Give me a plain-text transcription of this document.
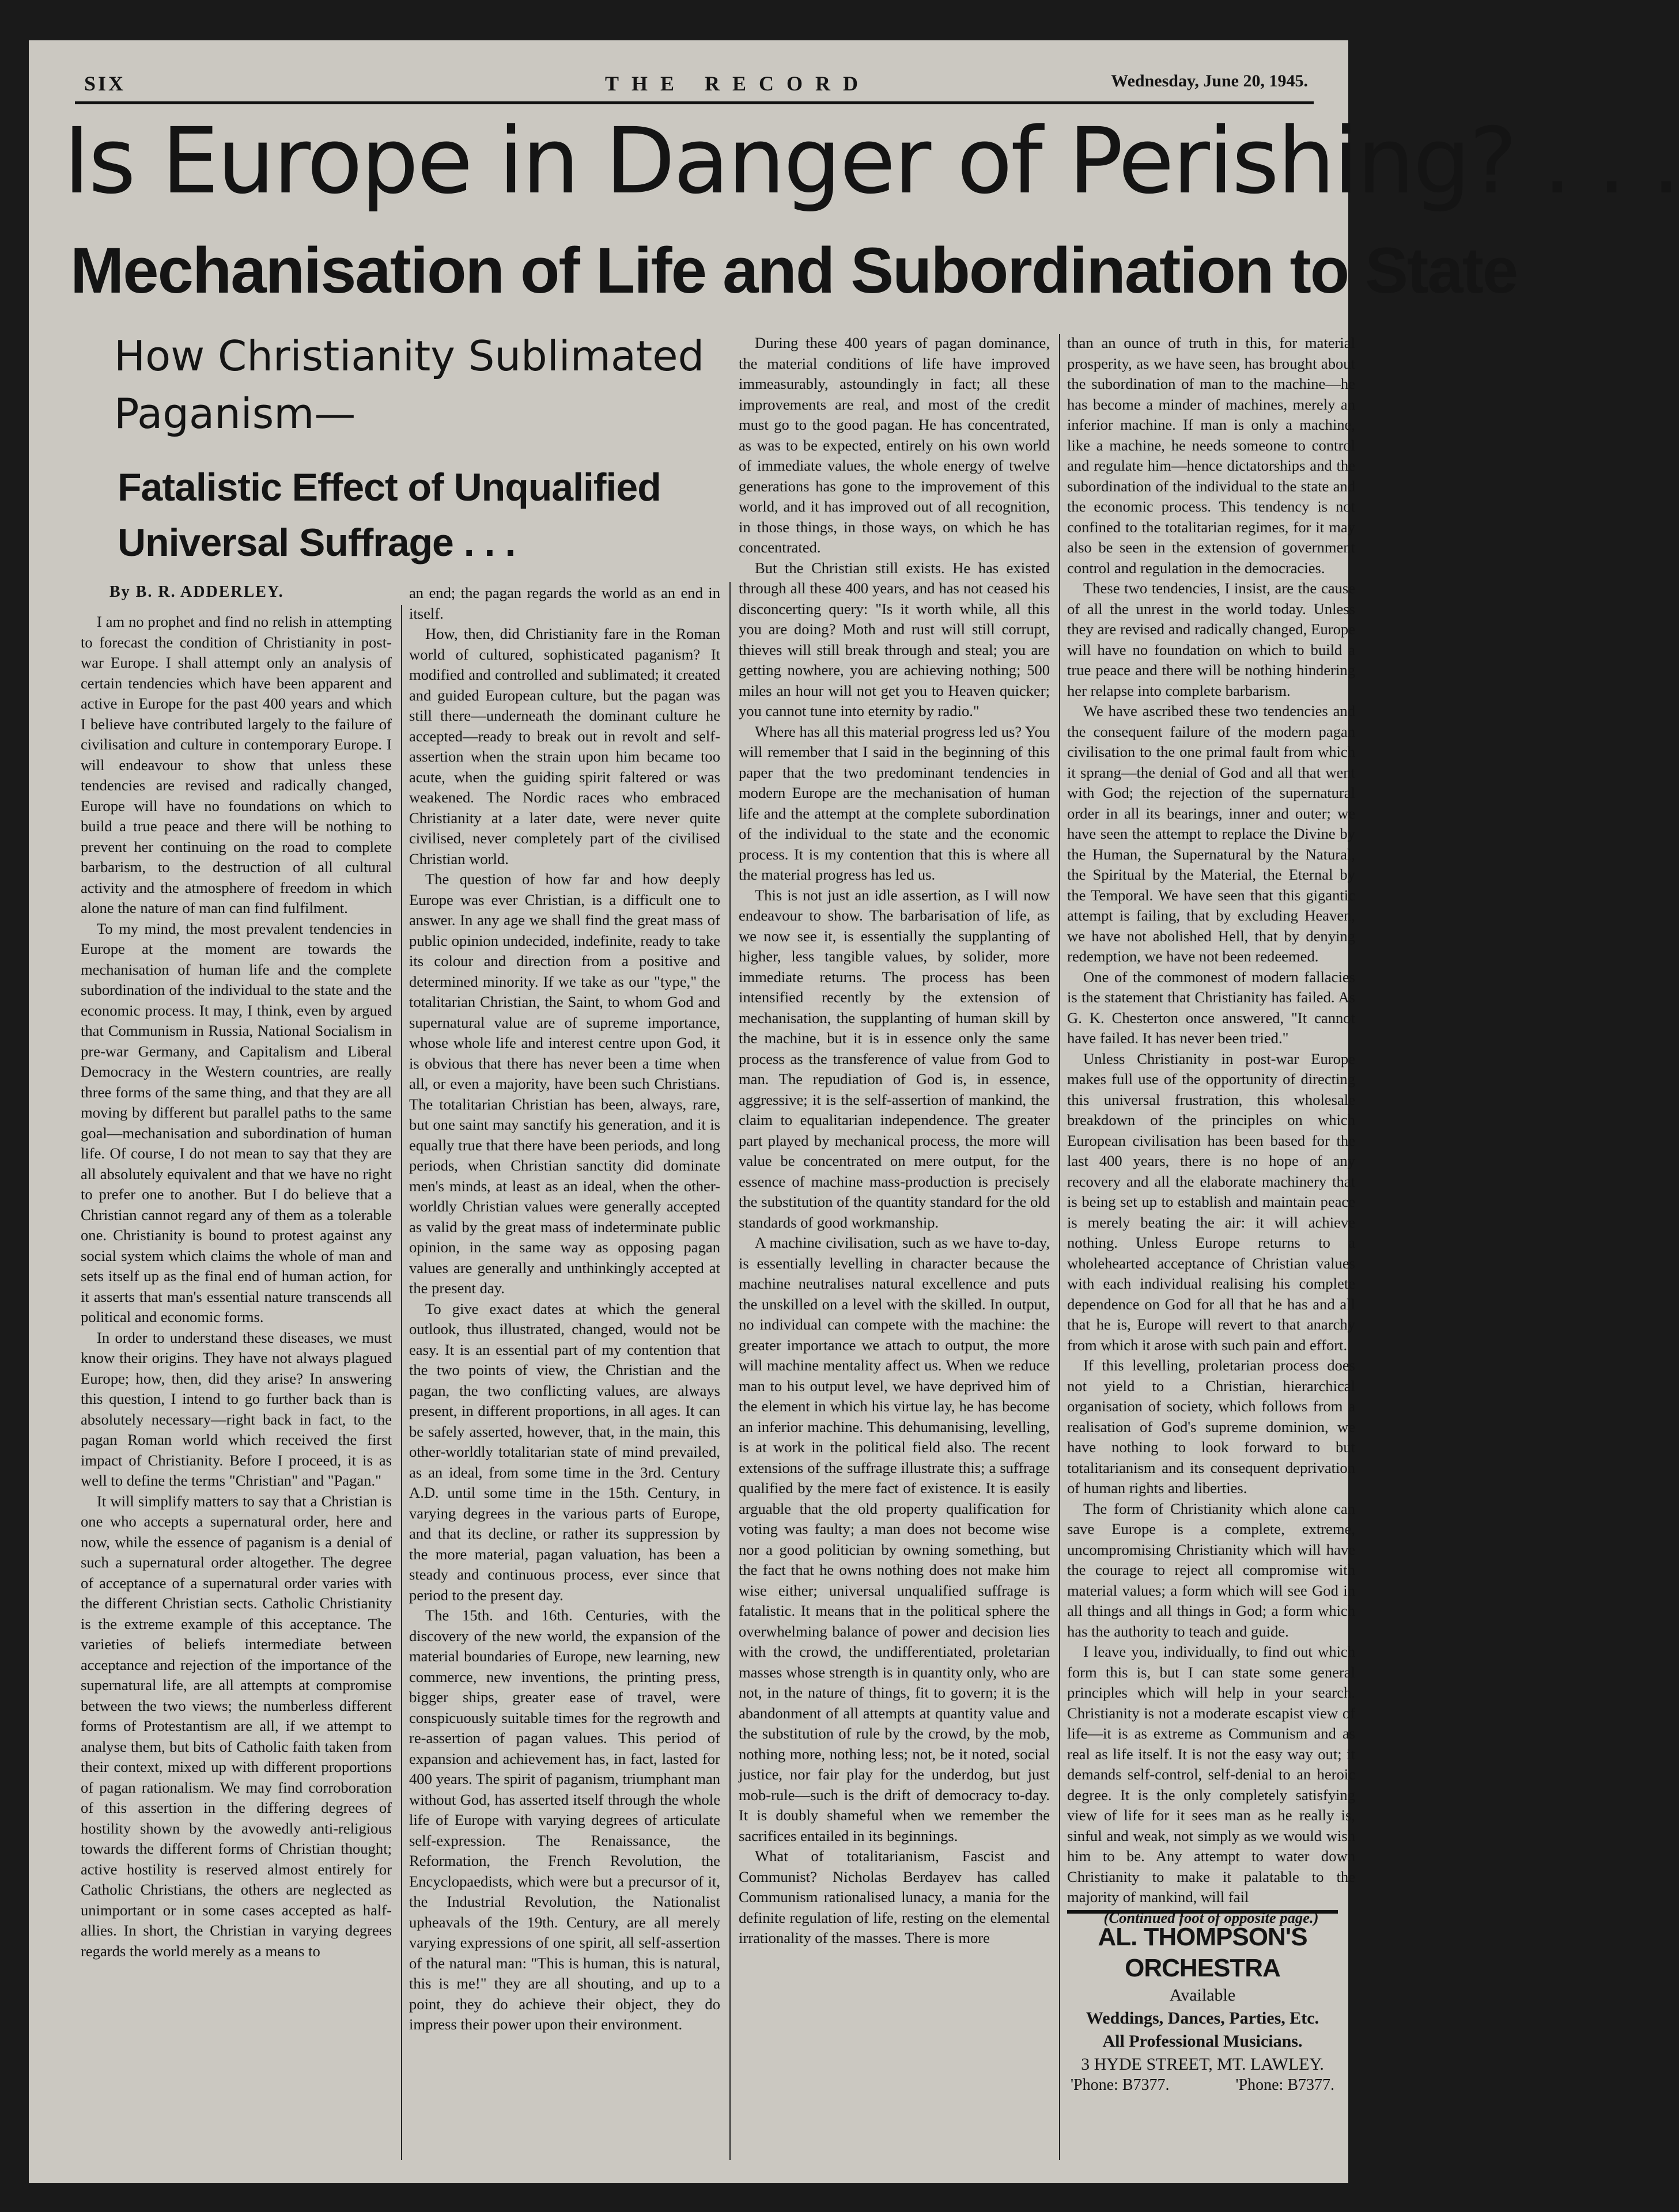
SIX	THE RECORD	Wednesday, June 20, 1945.
Is Europe in Danger of Perishing? . . .
Mechanisation of Life and Subordination to State
How Christianity Sublimated Paganism—
Fatalistic Effect of Unqualified Universal Suffrage . . .
By B. R. ADDERLEY.

I am no prophet and find no relish in attempting to forecast the condition of Christianity in post-war Europe. I shall attempt only an analysis of certain tendencies which have been apparent and active in Europe for the past 400 years and which I believe have contributed largely to the failure of civilisation and culture in contemporary Europe. I will endeavour to show that unless these tendencies are revised and radically changed, Europe will have no foundations on which to build a true peace and there will be nothing to prevent her continuing on the road to complete barbarism, to the destruction of all cultural activity and the atmosphere of freedom in which alone the nature of man can find fulfilment.

To my mind, the most prevalent tendencies in Europe at the moment are towards the mechanisation of human life and the complete subordination of the individual to the state and the economic process. It may, I think, even by argued that Communism in Russia, National Socialism in pre-war Germany, and Capitalism and Liberal Democracy in the Western countries, are really three forms of the same thing, and that they are all moving by different but parallel paths to the same goal—mechanisation and subordination of human life. Of course, I do not mean to say that they are all absolutely equivalent and that we have no right to prefer one to another. But I do believe that a Christian cannot regard any of them as a tolerable one. Christianity is bound to protest against any social system which claims the whole of man and sets itself up as the final end of human action, for it asserts that man's essential nature transcends all political and economic forms.

In order to understand these diseases, we must know their origins. They have not always plagued Europe; how, then, did they arise? In answering this question, I intend to go further back than is absolutely necessary—right back in fact, to the pagan Roman world which received the first impact of Christianity. Before I proceed, it is as well to define the terms "Christian" and "Pagan."

It will simplify matters to say that a Christian is one who accepts a supernatural order, here and now, while the essence of paganism is a denial of such a supernatural order altogether. The degree of acceptance of a supernatural order varies with the different Christian sects. Catholic Christianity is the extreme example of this acceptance. The varieties of beliefs intermediate between acceptance and rejection of the importance of the supernatural life, are all attempts at compromise between the two views; the numberless different forms of Protestantism are all, if we attempt to analyse them, but bits of Catholic faith taken from their context, mixed up with different proportions of pagan rationalism. We may find corroboration of this assertion in the differing degrees of hostility shown by the avowedly anti-religious towards the different forms of Christian thought; active hostility is reserved almost entirely for Catholic Christians, the others are neglected as unimportant or in some cases accepted as half-allies. In short, the Christian in varying degrees regards the world merely as a means to

an end; the pagan regards the world as an end in itself.

How, then, did Christianity fare in the Roman world of cultured, sophisticated paganism? It modified and controlled and sublimated; it created and guided European culture, but the pagan was still there—underneath the dominant culture he accepted—ready to break out in revolt and self-assertion when the strain upon him became too acute, when the guiding spirit faltered or was weakened. The Nordic races who embraced Christianity at a later date, were never quite civilised, never completely part of the civilised Christian world.

The question of how far and how deeply Europe was ever Christian, is a difficult one to answer. In any age we shall find the great mass of public opinion undecided, indefinite, ready to take its colour and direction from a positive and determined minority. If we take as our "type," the totalitarian Christian, the Saint, to whom God and supernatural value are of supreme importance, whose whole life and interest centre upon God, it is obvious that there has never been a time when all, or even a majority, have been such Christians. The totalitarian Christian has been, always, rare, but one saint may sanctify his generation, and it is equally true that there have been periods, and long periods, when Christian sanctity did dominate men's minds, at least as an ideal, when the other-worldly Christian values were generally accepted as valid by the great mass of indeterminate public opinion, in the same way as opposing pagan values are generally and unthinkingly accepted at the present day.

To give exact dates at which the general outlook, thus illustrated, changed, would not be easy. It is an essential part of my contention that the two points of view, the Christian and the pagan, the two conflicting values, are always present, in different proportions, in all ages. It can be safely asserted, however, that, in the main, this other-worldly totalitarian state of mind prevailed, as an ideal, from some time in the 3rd. Century A.D. until some time in the 15th. Century, in varying degrees in the various parts of Europe, and that its decline, or rather its suppression by the more material, pagan valuation, has been a steady and continuous process, ever since that period to the present day.

The 15th. and 16th. Centuries, with the discovery of the new world, the expansion of the material boundaries of Europe, new learning, new commerce, new inventions, the printing press, bigger ships, greater ease of travel, were conspicuously suitable times for the regrowth and re-assertion of pagan values. This period of expansion and achievement has, in fact, lasted for 400 years. The spirit of paganism, triumphant man without God, has asserted itself through the whole life of Europe with varying degrees of articulate self-expression. The Renaissance, the Reformation, the French Revolution, the Encyclopaedists, which were but a precursor of it, the Industrial Revolution, the Nationalist upheavals of the 19th. Century, are all merely varying expressions of one spirit, all self-assertion of the natural man: "This is human, this is natural, this is me!" they are all shouting, and up to a point, they do achieve their object, they do impress their power upon their environment.

During these 400 years of pagan dominance, the material conditions of life have improved immeasurably, astoundingly in fact; all these improvements are real, and most of the credit must go to the good pagan. He has concentrated, as was to be expected, entirely on his own world of immediate values, the whole energy of twelve generations has gone to the improvement of this world, and it has improved out of all recognition, in those things, in those ways, on which he has concentrated.

But the Christian still exists. He has existed through all these 400 years, and has not ceased his disconcerting query: "Is it worth while, all this you are doing? Moth and rust will still corrupt, thieves will still break through and steal; you are getting nowhere, you are achieving nothing; 500 miles an hour will not get you to Heaven quicker; you cannot tune into eternity by radio."

Where has all this material progress led us? You will remember that I said in the beginning of this paper that the two predominant tendencies in modern Europe are the mechanisation of human life and the attempt at the complete subordination of the individual to the state and the economic process. It is my contention that this is where all the material progress has led us.

This is not just an idle assertion, as I will now endeavour to show. The barbarisation of life, as we now see it, is essentially the supplanting of higher, less tangible values, by solider, more immediate returns. The process has been intensified recently by the extension of mechanisation, the supplanting of human skill by the machine, but it is in essence only the same process as the transference of value from God to man. The repudiation of God is, in essence, aggressive; it is the self-assertion of mankind, the claim to equalitarian independence. The greater part played by mechanical process, the more will value be concentrated on mere output, for the essence of machine mass-production is precisely the substitution of the quantity standard for the old standards of good workmanship.

A machine civilisation, such as we have to-day, is essentially levelling in character because the machine neutralises natural excellence and puts the unskilled on a level with the skilled. In output, no individual can compete with the machine: the greater importance we attach to output, the more will machine mentality affect us. When we reduce man to his output level, we have deprived him of the element in which his virtue lay, he has become an inferior machine. This dehumanising, levelling, is at work in the political field also. The recent extensions of the suffrage illustrate this; a suffrage qualified by the mere fact of existence. It is easily arguable that the old property qualification for voting was faulty; a man does not become wise nor a good politician by owning something, but the fact that he owns nothing does not make him wise either; universal unqualified suffrage is fatalistic. It means that in the political sphere the overwhelming balance of power and decision lies with the crowd, the undifferentiated, proletarian masses whose strength is in quantity only, who are not, in the nature of things, fit to govern; it is the abandonment of all attempts at quantity value and the substitution of rule by the crowd, by the mob, nothing more, nothing less; not, be it noted, social justice, nor fair play for the underdog, but just mob-rule—such is the drift of democracy to-day. It is doubly shameful when we remember the sacrifices entailed in its beginnings.

What of totalitarianism, Fascist and Communist? Nicholas Berdayev has called Communism rationalised lunacy, a mania for the definite regulation of life, resting on the elemental irrationality of the masses. There is more

than an ounce of truth in this, for material prosperity, as we have seen, has brought about the subordination of man to the machine—he has become a minder of machines, merely an inferior machine. If man is only a machine, like a machine, he needs someone to control and regulate him—hence dictatorships and the subordination of the individual to the state and the economic process. This tendency is not confined to the totalitarian regimes, for it may also be seen in the extension of government control and regulation in the democracies.

These two tendencies, I insist, are the cause of all the unrest in the world today. Unless they are revised and radically changed, Europe will have no foundation on which to build a true peace and there will be nothing hindering her relapse into complete barbarism.

We have ascribed these two tendencies and the consequent failure of the modern pagan civilisation to the one primal fault from which it sprang—the denial of God and all that went with God; the rejection of the supernatural order in all its bearings, inner and outer; we have seen the attempt to replace the Divine by the Human, the Supernatural by the Natural, the Spiritual by the Material, the Eternal by the Temporal. We have seen that this gigantic attempt is failing, that by excluding Heaven, we have not abolished Hell, that by denying redemption, we have not been redeemed.

One of the commonest of modern fallacies is the statement that Christianity has failed. As G. K. Chesterton once answered, "It cannot have failed. It has never been tried."

Unless Christianity in post-war Europe makes full use of the opportunity of directing this universal frustration, this wholesale breakdown of the principles on which European civilisation has been based for the last 400 years, there is no hope of any recovery and all the elaborate machinery that is being set up to establish and maintain peace is merely beating the air: it will achieve nothing. Unless Europe returns to a wholehearted acceptance of Christian values with each individual realising his complete dependence on God for all that he has and all that he is, Europe will revert to that anarchy from which it arose with such pain and effort.

If this levelling, proletarian process does not yield to a Christian, hierarchical organisation of society, which follows from a realisation of God's supreme dominion, we have nothing to look forward to but totalitarianism and its consequent deprivation of human rights and liberties.

The form of Christianity which alone can save Europe is a complete, extreme, uncompromising Christianity which will have the courage to reject all compromise with material values; a form which will see God in all things and all things in God; a form which has the authority to teach and guide.

I leave you, individually, to find out which form this is, but I can state some general principles which will help in your search. Christianity is not a moderate escapist view of life—it is as extreme as Communism and as real as life itself. It is not the easy way out; it demands self-control, self-denial to an heroic degree. It is the only completely satisfying view of life for it sees man as he really is, sinful and weak, not simply as we would wish him to be. Any attempt to water down Christianity to make it palatable to the majority of mankind, will fail

(Continued foot of opposite page.)

AL. THOMPSON'S ORCHESTRA
Available
Weddings, Dances, Parties, Etc.
All Professional Musicians.
3 HYDE STREET, MT. LAWLEY.
'Phone: B7377.	'Phone: B7377.
